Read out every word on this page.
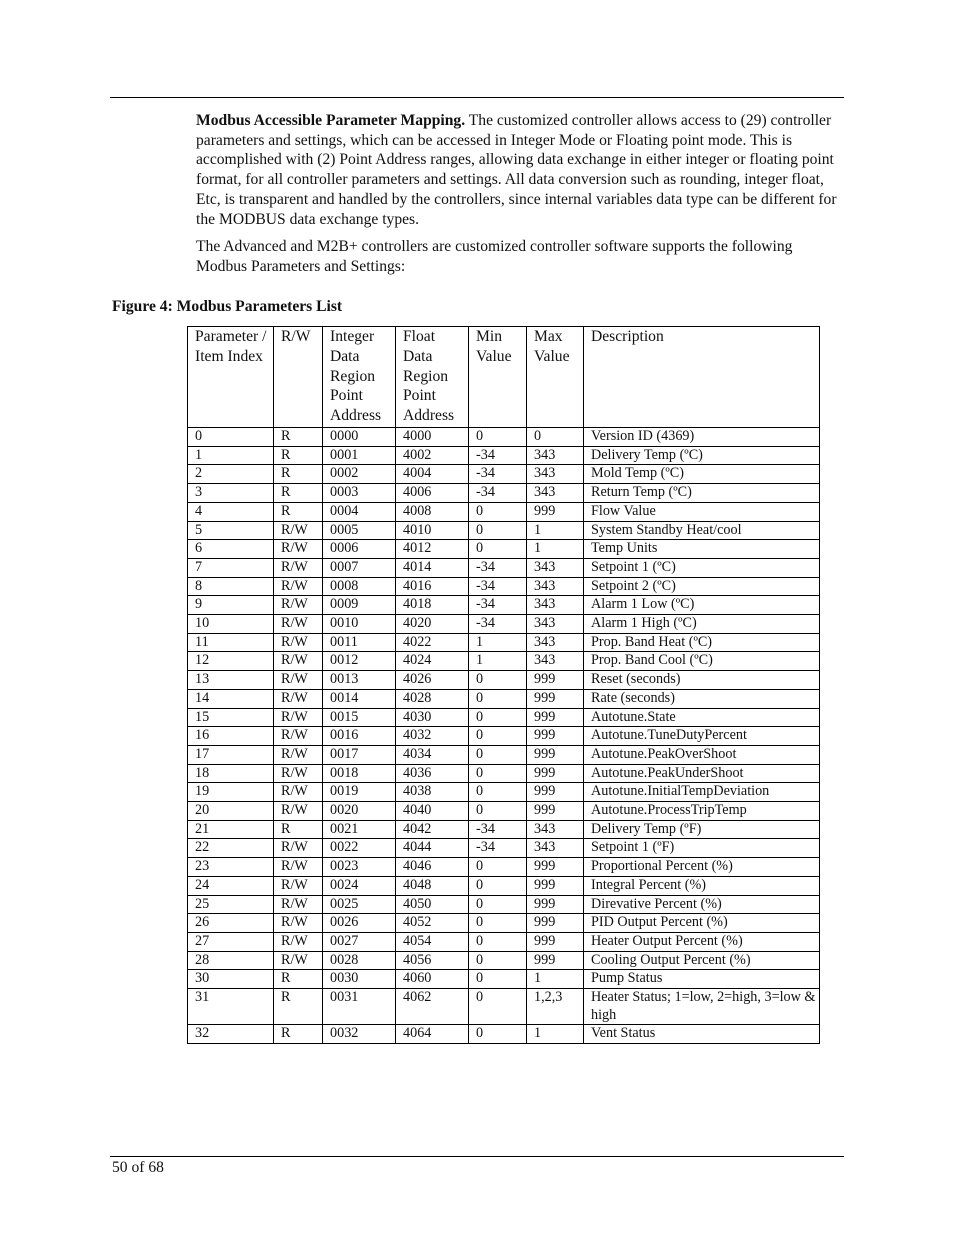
Modbus Accessible Parameter Mapping. The customized controller allows access to (29) controller parameters and settings, which can be accessed in Integer Mode or Floating point mode. This is accomplished with (2) Point Address ranges, allowing data exchange in either integer or floating point format, for all controller parameters and settings. All data conversion such as rounding, integer float, Etc, is transparent and handled by the controllers, since internal variables data type can be different for the MODBUS data exchange types.

The Advanced and M2B+ controllers are customized controller software supports the following Modbus Parameters and Settings:

Figure 4: Modbus Parameters List
Parameter / Item Index	R/W	Integer Data Region Point Address	Float Data Region Point Address	Min Value	Max Value	Description
0	R	0000	4000	0	0	Version ID (4369)
1	R	0001	4002	-34	343	Delivery Temp (ºC)
2	R	0002	4004	-34	343	Mold Temp (ºC)
3	R	0003	4006	-34	343	Return Temp (ºC)
4	R	0004	4008	0	999	Flow Value
5	R/W	0005	4010	0	1	System Standby Heat/cool
6	R/W	0006	4012	0	1	Temp Units
7	R/W	0007	4014	-34	343	Setpoint 1 (ºC)
8	R/W	0008	4016	-34	343	Setpoint 2 (ºC)
9	R/W	0009	4018	-34	343	Alarm 1 Low (ºC)
10	R/W	0010	4020	-34	343	Alarm 1 High (ºC)
11	R/W	0011	4022	1	343	Prop. Band Heat (ºC)
12	R/W	0012	4024	1	343	Prop. Band Cool (ºC)
13	R/W	0013	4026	0	999	Reset (seconds)
14	R/W	0014	4028	0	999	Rate (seconds)
15	R/W	0015	4030	0	999	Autotune.State
16	R/W	0016	4032	0	999	Autotune.TuneDutyPercent
17	R/W	0017	4034	0	999	Autotune.PeakOverShoot
18	R/W	0018	4036	0	999	Autotune.PeakUnderShoot
19	R/W	0019	4038	0	999	Autotune.InitialTempDeviation
20	R/W	0020	4040	0	999	Autotune.ProcessTripTemp
21	R	0021	4042	-34	343	Delivery Temp (ºF)
22	R/W	0022	4044	-34	343	Setpoint 1 (ºF)
23	R/W	0023	4046	0	999	Proportional Percent (%)
24	R/W	0024	4048	0	999	Integral Percent (%)
25	R/W	0025	4050	0	999	Direvative Percent (%)
26	R/W	0026	4052	0	999	PID Output Percent (%)
27	R/W	0027	4054	0	999	Heater Output Percent (%)
28	R/W	0028	4056	0	999	Cooling Output Percent (%)
30	R	0030	4060	0	1	Pump Status
31	R	0031	4062	0	1,2,3	Heater Status; 1=low, 2=high, 3=low & high
32	R	0032	4064	0	1	Vent Status
50 of 68
